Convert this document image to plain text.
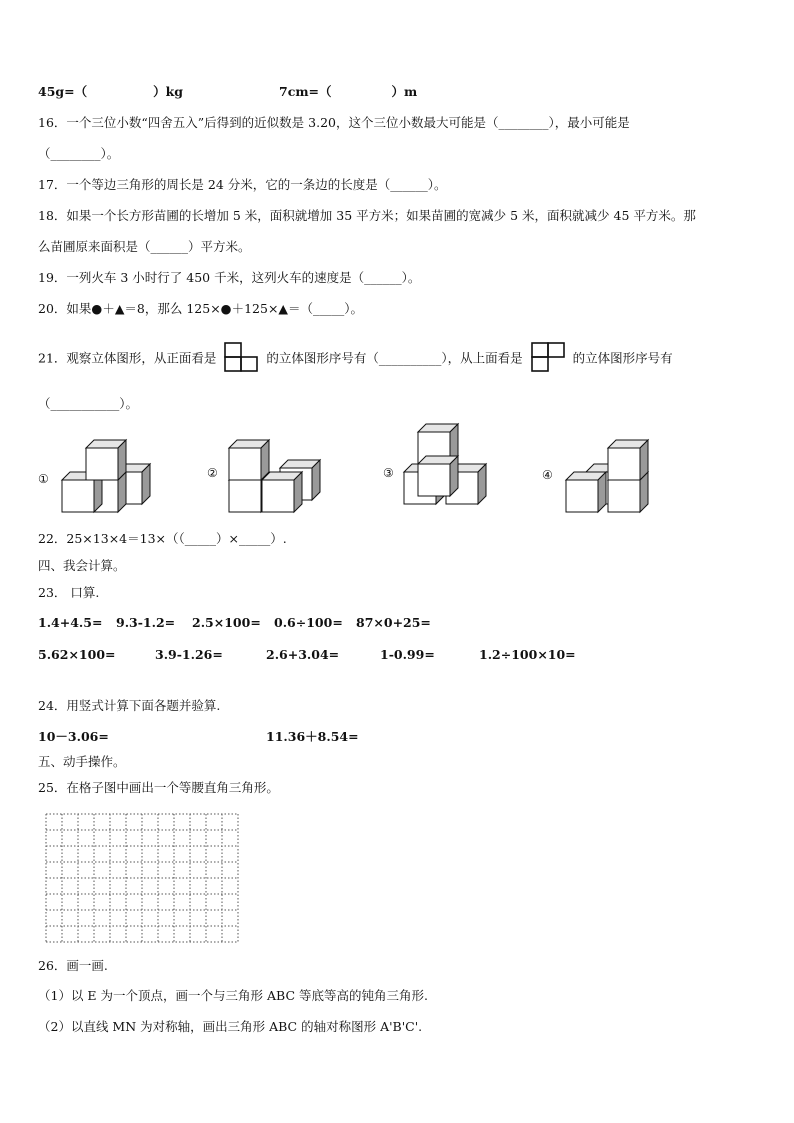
45g=（	）kg	7cm=（	）m
16．一个三位小数“四舍五入”后得到的近似数是 3.20，这个三位小数最大可能是（________），最小可能是
（________）。
17．一个等边三角形的周长是 24 分米，它的一条边的长度是（______）。
18．如果一个长方形苗圃的长增加 5 米，面积就增加 35 平方米；如果苗圃的宽减少 5 米，面积就减少 45 平方米。那
么苗圃原来面积是（______）平方米。
19．一列火车 3 小时行了 450 千米，这列火车的速度是（______）。
20．如果●＋▲＝8，那么 125×●＋125×▲＝（_____）。
21．观察立体图形，从正面看是	的立体图形序号有（__________），从上面看是	的立体图形序号有
（___________）。
①	②	③	④
22．25×13×4＝13×（（_____）×_____）.
四、我会计算。
23． 口算.
1.4+4.5= 9.3-1.2= 2.5×100= 0.6÷100= 87×0+25=
5.62×100=	3.9-1.26=	2.6+3.04=	1-0.99=	1.2÷100×10=
24．用竖式计算下面各题并验算.
10－3.06=	11.36＋8.54=
五、动手操作。
25．在格子图中画出一个等腰直角三角形。
26．画一画.
（1）以 E 为一个顶点，画一个与三角形 ABC 等底等高的钝角三角形.
（2）以直线 MN 为对称轴，画出三角形 ABC 的轴对称图形 A'B'C'.
